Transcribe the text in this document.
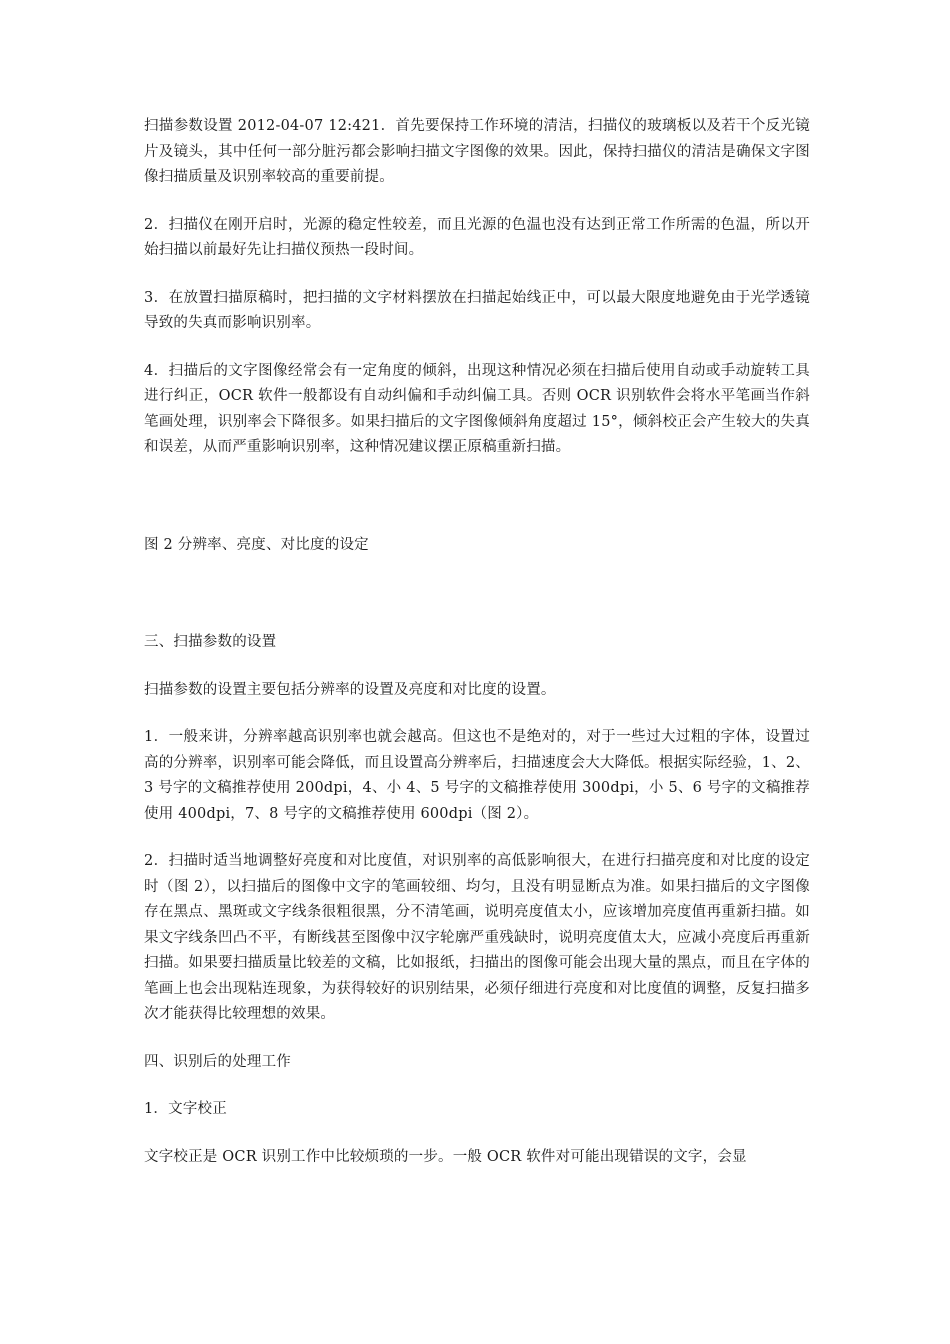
扫描参数设置 2012-04-07 12:421．首先要保持工作环境的清洁，扫描仪的玻璃板以及若干个反光镜片及镜头，其中任何一部分脏污都会影响扫描文字图像的效果。因此，保持扫描仪的清洁是确保文字图像扫描质量及识别率较高的重要前提。

2．扫描仪在刚开启时，光源的稳定性较差，而且光源的色温也没有达到正常工作所需的色温，所以开始扫描以前最好先让扫描仪预热一段时间。

3．在放置扫描原稿时，把扫描的文字材料摆放在扫描起始线正中，可以最大限度地避免由于光学透镜导致的失真而影响识别率。

4．扫描后的文字图像经常会有一定角度的倾斜，出现这种情况必须在扫描后使用自动或手动旋转工具进行纠正，OCR 软件一般都设有自动纠偏和手动纠偏工具。否则 OCR 识别软件会将水平笔画当作斜笔画处理，识别率会下降很多。如果扫描后的文字图像倾斜角度超过 15°，倾斜校正会产生较大的失真和误差，从而严重影响识别率，这种情况建议摆正原稿重新扫描。

图 2 分辨率、亮度、对比度的设定

三、扫描参数的设置

扫描参数的设置主要包括分辨率的设置及亮度和对比度的设置。

1．一般来讲，分辨率越高识别率也就会越高。但这也不是绝对的，对于一些过大过粗的字体，设置过高的分辨率，识别率可能会降低，而且设置高分辨率后，扫描速度会大大降低。根据实际经验，1、2、3 号字的文稿推荐使用 200dpi，4、小 4、5 号字的文稿推荐使用 300dpi，小 5、6 号字的文稿推荐使用 400dpi，7、8 号字的文稿推荐使用 600dpi（图 2）。

2．扫描时适当地调整好亮度和对比度值，对识别率的高低影响很大，在进行扫描亮度和对比度的设定时（图 2），以扫描后的图像中文字的笔画较细、均匀，且没有明显断点为准。如果扫描后的文字图像存在黑点、黑斑或文字线条很粗很黑，分不清笔画，说明亮度值太小，应该增加亮度值再重新扫描。如果文字线条凹凸不平，有断线甚至图像中汉字轮廓严重残缺时，说明亮度值太大，应减小亮度后再重新扫描。如果要扫描质量比较差的文稿，比如报纸，扫描出的图像可能会出现大量的黑点，而且在字体的笔画上也会出现粘连现象，为获得较好的识别结果，必须仔细进行亮度和对比度值的调整，反复扫描多次才能获得比较理想的效果。

四、识别后的处理工作

1．文字校正

文字校正是 OCR 识别工作中比较烦琐的一步。一般 OCR 软件对可能出现错误的文字，会显
